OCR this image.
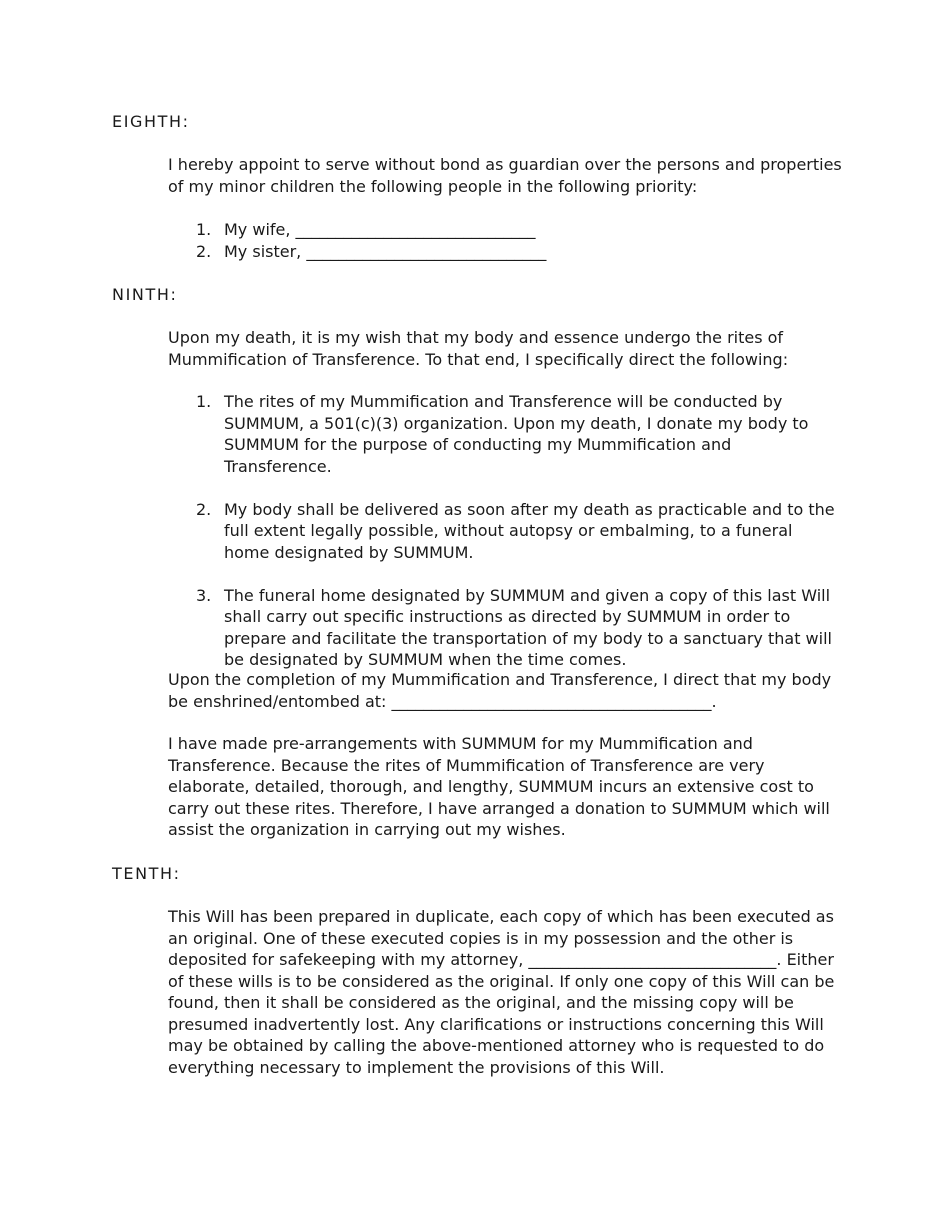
EIGHTH:

I hereby appoint to serve without bond as guardian over the persons and properties of my minor children the following people in the following priority:

1. My wife, ______________________________
2. My sister, ______________________________
NINTH:

Upon my death, it is my wish that my body and essence undergo the rites of Mummification of Transference. To that end, I specifically direct the following:

1. The rites of my Mummification and Transference will be conducted by SUMMUM, a 501(c)(3) organization. Upon my death, I donate my body to SUMMUM for the purpose of conducting my Mummification and Transference.
2. My body shall be delivered as soon after my death as practicable and to the full extent legally possible, without autopsy or embalming, to a funeral home designated by SUMMUM.
3. The funeral home designated by SUMMUM and given a copy of this last Will shall carry out specific instructions as directed by SUMMUM in order to prepare and facilitate the transportation of my body to a sanctuary that will be designated by SUMMUM when the time comes.

Upon the completion of my Mummification and Transference, I direct that my body be enshrined/entombed at: ________________________________________.

I have made pre-arrangements with SUMMUM for my Mummification and Transference. Because the rites of Mummification of Transference are very elaborate, detailed, thorough, and lengthy, SUMMUM incurs an extensive cost to carry out these rites. Therefore, I have arranged a donation to SUMMUM which will assist the organization in carrying out my wishes.

TENTH:

This Will has been prepared in duplicate, each copy of which has been executed as an original. One of these executed copies is in my possession and the other is deposited for safekeeping with my attorney, _______________________________. Either of these wills is to be considered as the original. If only one copy of this Will can be found, then it shall be considered as the original, and the missing copy will be presumed inadvertently lost. Any clarifications or instructions concerning this Will may be obtained by calling the above-mentioned attorney who is requested to do everything necessary to implement the provisions of this Will.
